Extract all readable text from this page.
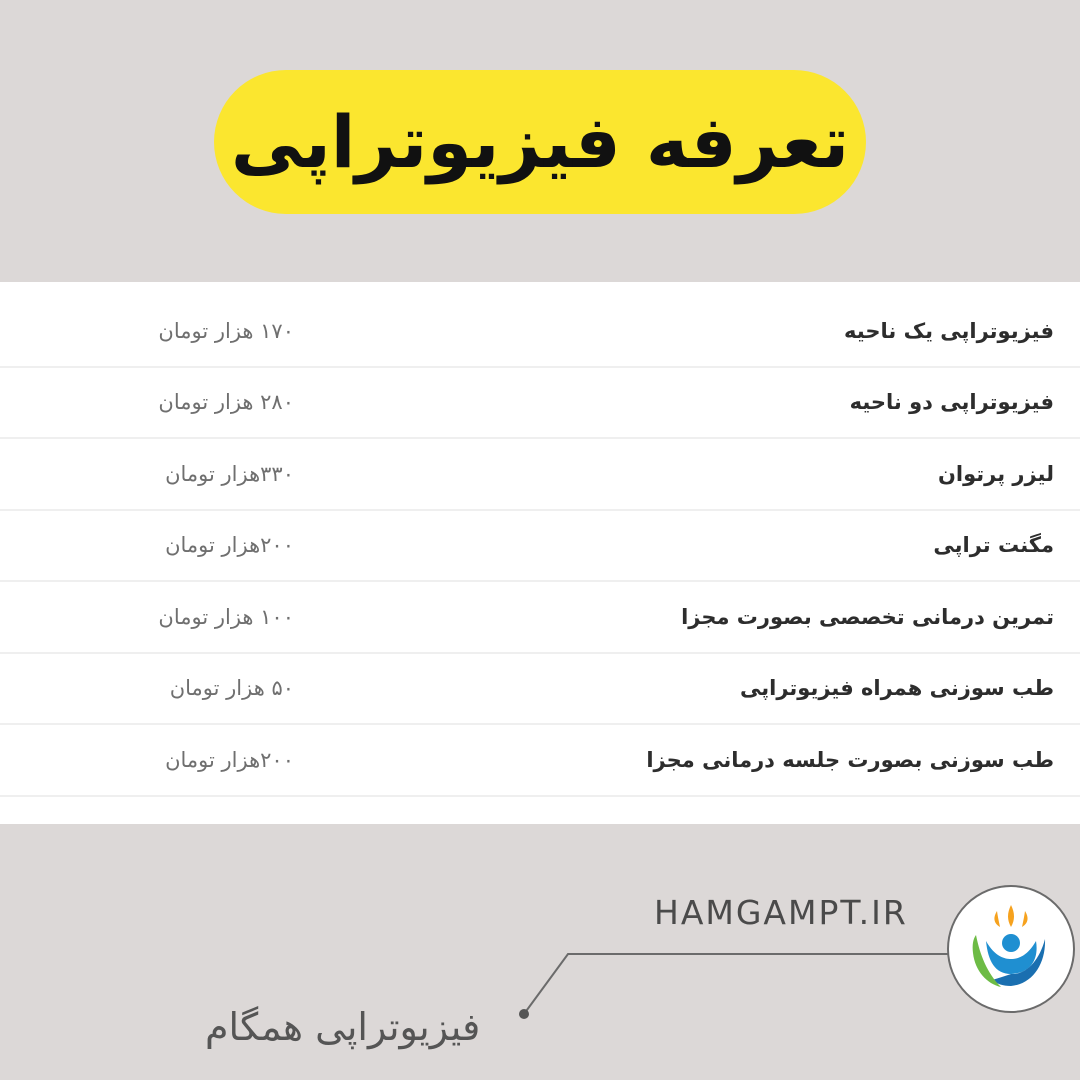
تعرفه فیزیوتراپی
فیزیوتراپی یک ناحیه
۱۷۰ هزار تومان
فیزیوتراپی دو ناحیه
۲۸۰ هزار تومان
لیزر پرتوان
۳۳۰هزار تومان
مگنت تراپی
۲۰۰هزار تومان
تمرین درمانی تخصصی بصورت مجزا
۱۰۰ هزار تومان
طب سوزنی همراه فیزیوتراپی
۵۰ هزار تومان
طب سوزنی بصورت جلسه درمانی مجزا
۲۰۰هزار تومان
HAMGAMPT.IR
فیزیوتراپی همگام
